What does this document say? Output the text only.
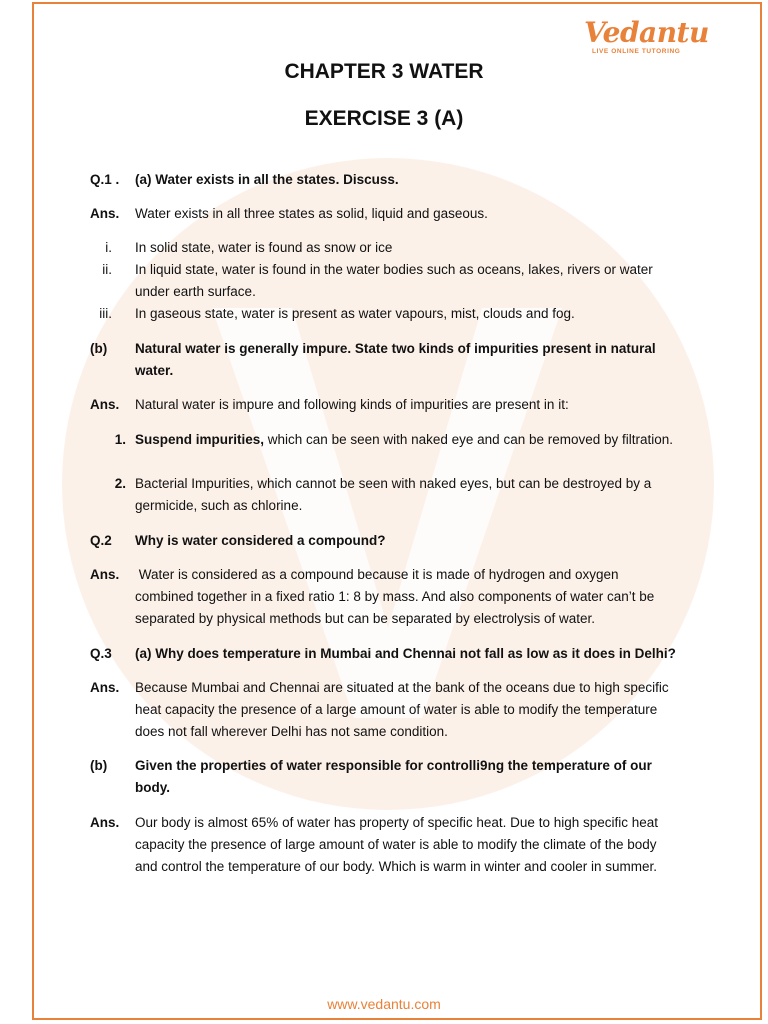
Vedantu
LIVE ONLINE TUTORING
CHAPTER 3 WATER
EXERCISE 3 (A)
Q.1 . (a) Water exists in all the states. Discuss.
Ans. Water exists in all three states as solid, liquid and gaseous.
i. In solid state, water is found as snow or ice
ii. In liquid state, water is found in the water bodies such as oceans, lakes, rivers or water under earth surface.
iii. In gaseous state, water is present as water vapours, mist, clouds and fog.
(b) Natural water is generally impure. State two kinds of impurities present in natural water.
Ans. Natural water is impure and following kinds of impurities are present in it:
1. Suspend impurities, which can be seen with naked eye and can be removed by filtration.
2. Bacterial Impurities, which cannot be seen with naked eyes, but can be destroyed by a germicide, such as chlorine.
Q.2 Why is water considered a compound?
Ans. Water is considered as a compound because it is made of hydrogen and oxygen combined together in a fixed ratio 1: 8 by mass. And also components of water can’t be separated by physical methods but can be separated by electrolysis of water.
Q.3 (a) Why does temperature in Mumbai and Chennai not fall as low as it does in Delhi?
Ans. Because Mumbai and Chennai are situated at the bank of the oceans due to high specific heat capacity the presence of a large amount of water is able to modify the temperature does not fall wherever Delhi has not same condition.
(b) Given the properties of water responsible for controlli9ng the temperature of our body.
Ans. Our body is almost 65% of water has property of specific heat. Due to high specific heat capacity the presence of large amount of water is able to modify the climate of the body and control the temperature of our body. Which is warm in winter and cooler in summer.
www.vedantu.com
